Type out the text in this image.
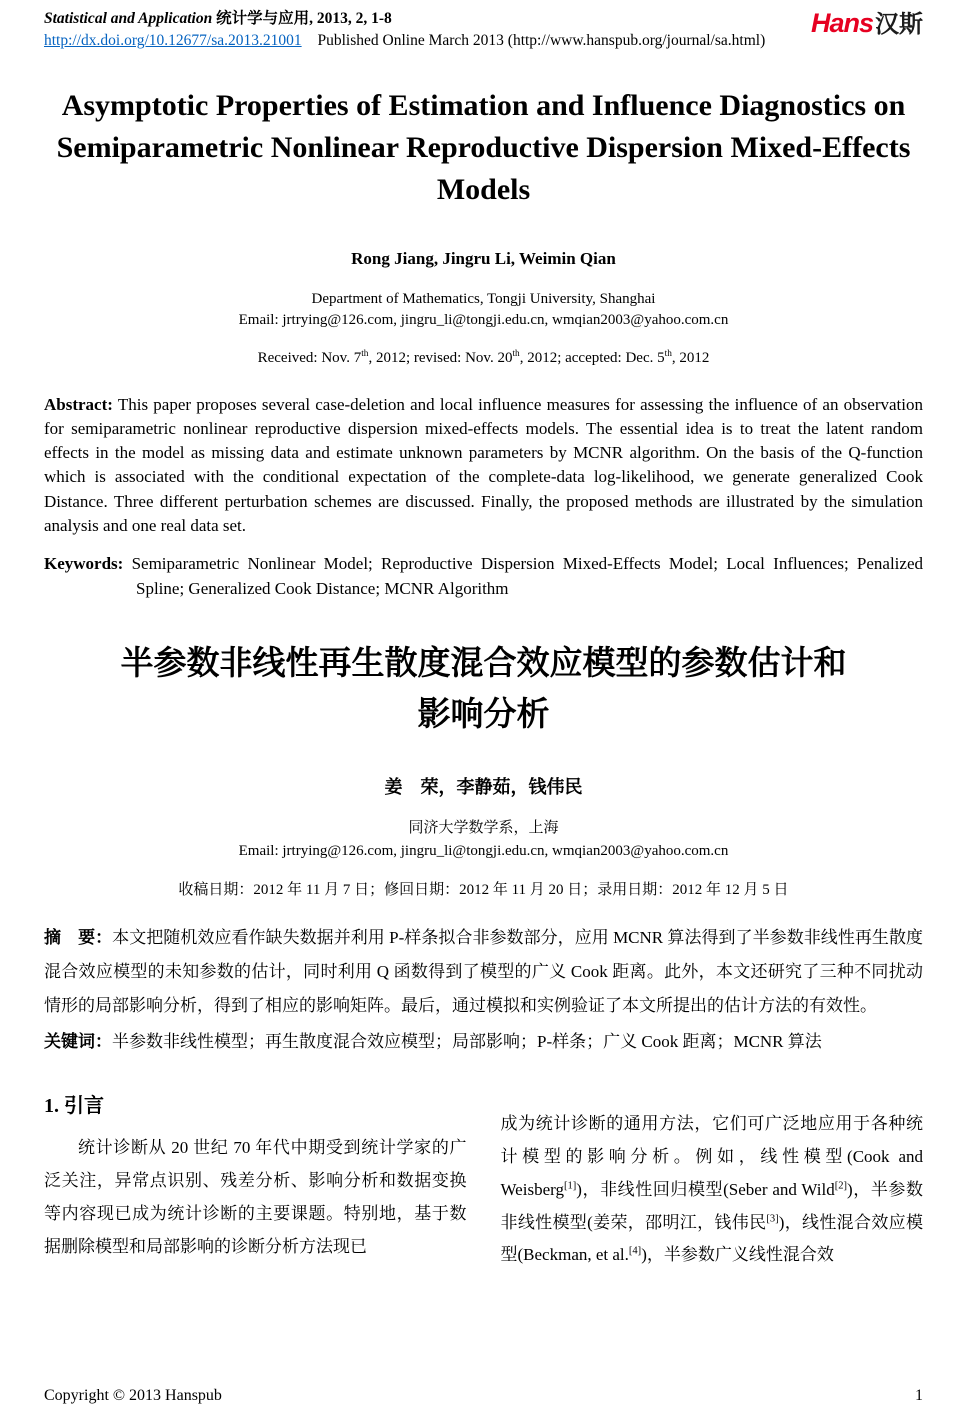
Statistical and Application 统计学与应用, 2013, 2, 1-8
http://dx.doi.org/10.12677/sa.2013.21001 Published Online March 2013 (http://www.hanspub.org/journal/sa.html)
Hans汉斯
Asymptotic Properties of Estimation and Influence Diagnostics on Semiparametric Nonlinear Reproductive Dispersion Mixed-Effects Models
Rong Jiang, Jingru Li, Weimin Qian
Department of Mathematics, Tongji University, Shanghai
Email: jrtrying@126.com, jingru_li@tongji.edu.cn, wmqian2003@yahoo.com.cn

Received: Nov. 7th, 2012; revised: Nov. 20th, 2012; accepted: Dec. 5th, 2012

Abstract: This paper proposes several case-deletion and local influence measures for assessing the influence of an observation for semiparametric nonlinear reproductive dispersion mixed-effects models. The essential idea is to treat the latent random effects in the model as missing data and estimate unknown parameters by MCNR algorithm. On the basis of the Q-function which is associated with the conditional expectation of the complete-data log-likelihood, we generate generalized Cook Distance. Three different perturbation schemes are discussed. Finally, the proposed methods are illustrated by the simulation analysis and one real data set.

Keywords: Semiparametric Nonlinear Model; Reproductive Dispersion Mixed-Effects Model; Local Influences; Penalized Spline; Generalized Cook Distance; MCNR Algorithm

半参数非线性再生散度混合效应模型的参数估计和
影响分析
姜　荣，李静茹，钱伟民
同济大学数学系，上海
Email: jrtrying@126.com, jingru_li@tongji.edu.cn, wmqian2003@yahoo.com.cn

收稿日期：2012 年 11 月 7 日；修回日期：2012 年 11 月 20 日；录用日期：2012 年 12 月 5 日

摘　要：本文把随机效应看作缺失数据并利用 P-样条拟合非参数部分，应用 MCNR 算法得到了半参数非线性再生散度混合效应模型的未知参数的估计，同时利用 Q 函数得到了模型的广义 Cook 距离。此外，本文还研究了三种不同扰动情形的局部影响分析，得到了相应的影响矩阵。最后，通过模拟和实例验证了本文所提出的估计方法的有效性。

关键词：半参数非线性模型；再生散度混合效应模型；局部影响；P-样条；广义 Cook 距离；MCNR 算法

1. 引言

统计诊断从 20 世纪 70 年代中期受到统计学家的广泛关注，异常点识别、残差分析、影响分析和数据变换等内容现已成为统计诊断的主要课题。特别地，基于数据删除模型和局部影响的诊断分析方法现已

成为统计诊断的通用方法，它们可广泛地应用于各种统计模型的影响分析。例如，线性模型(Cook and Weisberg[1])，非线性回归模型(Seber and Wild[2])，半参数非线性模型(姜荣，邵明江，钱伟民[3])，线性混合效应模型(Beckman, et al.[4])，半参数广义线性混合效

Copyright © 2013 Hanspub	1
